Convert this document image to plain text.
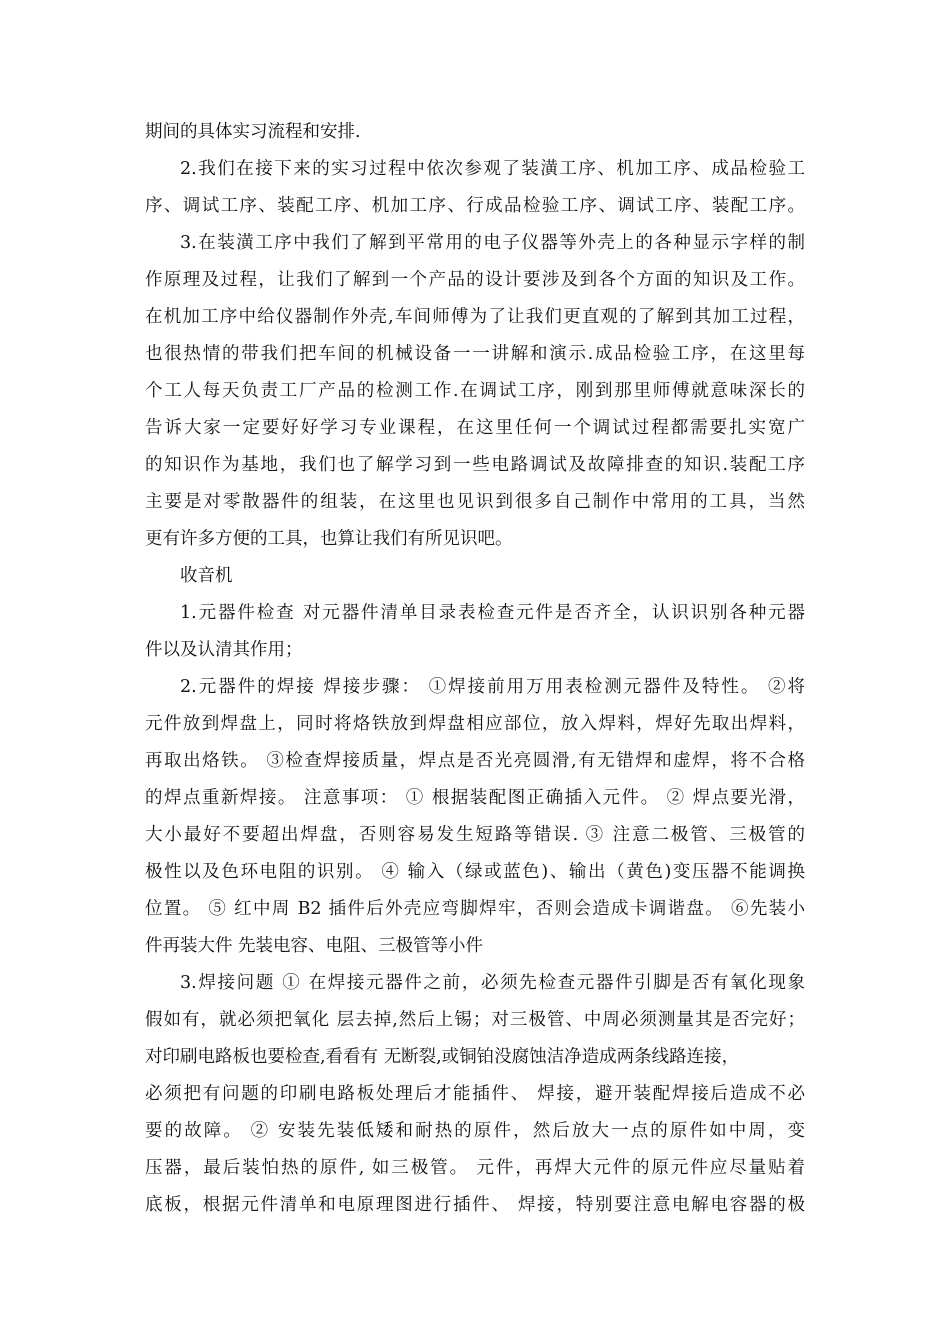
期间的具体实习流程和安排.
2.我们在接下来的实习过程中依次参观了装潢工序、机加工序、成品检验工
序、调试工序、装配工序、机加工序、行成品检验工序、调试工序、装配工序。
3.在装潢工序中我们了解到平常用的电子仪器等外壳上的各种显示字样的制
作原理及过程，让我们了解到一个产品的设计要涉及到各个方面的知识及工作。
在机加工序中给仪器制作外壳,车间师傅为了让我们更直观的了解到其加工过程，
也很热情的带我们把车间的机械设备一一讲解和演示.成品检验工序，在这里每
个工人每天负责工厂产品的检测工作.在调试工序，刚到那里师傅就意味深长的
告诉大家一定要好好学习专业课程，在这里任何一个调试过程都需要扎实宽广
的知识作为基地，我们也了解学习到一些电路调试及故障排查的知识.装配工序
主要是对零散器件的组装，在这里也见识到很多自己制作中常用的工具，当然
更有许多方便的工具，也算让我们有所见识吧。
收音机
1.元器件检查 对元器件清单目录表检查元件是否齐全，认识识别各种元器
件以及认清其作用；
2.元器件的焊接 焊接步骤： ①焊接前用万用表检测元器件及特性。 ②将
元件放到焊盘上，同时将烙铁放到焊盘相应部位，放入焊料，焊好先取出焊料，
再取出烙铁。 ③检查焊接质量，焊点是否光亮圆滑,有无错焊和虚焊，将不合格
的焊点重新焊接。 注意事项： ① 根据装配图正确插入元件。 ② 焊点要光滑，
大小最好不要超出焊盘，否则容易发生短路等错误. ③ 注意二极管、三极管的
极性以及色环电阻的识别。 ④ 输入（绿或蓝色)、输出（黄色)变压器不能调换
位置。 ⑤ 红中周 B2 插件后外壳应弯脚焊牢，否则会造成卡调谐盘。 ⑥先装小
件再装大件 先装电容、电阻、三极管等小件
3.焊接问题 ① 在焊接元器件之前，必须先检查元器件引脚是否有氧化现象
假如有，就必须把氧化 层去掉,然后上锡；对三极管、中周必须测量其是否完好；
对印刷电路板也要检查,看看有 无断裂,或铜铂没腐蚀洁净造成两条线路连接，
必须把有问题的印刷电路板处理后才能插件、 焊接，避开装配焊接后造成不必
要的故障。 ② 安装先装低矮和耐热的原件，然后放大一点的原件如中周，变
压器，最后装怕热的原件, 如三极管。 元件，再焊大元件的原元件应尽量贴着
底板，根据元件清单和电原理图进行插件、 焊接，特别要注意电解电容器的极
